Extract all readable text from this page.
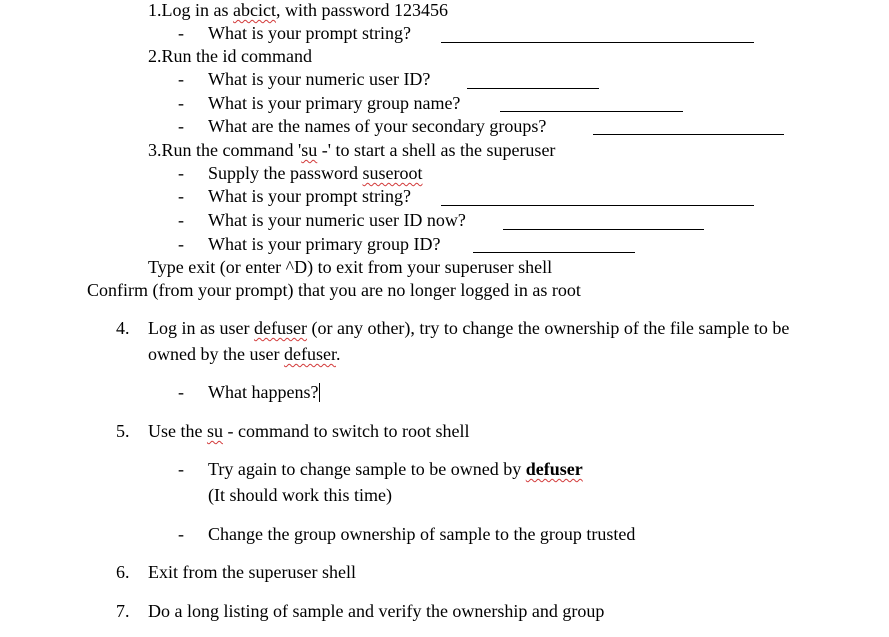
1.Log in as abcict, with password 123456
- What is your prompt string?
2.Run the id command
- What is your numeric user ID?
- What is your primary group name?
- What are the names of your secondary groups?
3.Run the command 'su -' to start a shell as the superuser
- Supply the password suseroot
- What is your prompt string?
- What is your numeric user ID now?
- What is your primary group ID?
Type exit (or enter ^D) to exit from your superuser shell
Confirm (from your prompt) that you are no longer logged in as root
4. Log in as user defuser (or any other), try to change the ownership of the file sample to be
owned by the user defuser.
- What happens?
5. Use the su - command to switch to root shell
- Try again to change sample to be owned by defuser
(It should work this time)
- Change the group ownership of sample to the group trusted
6. Exit from the superuser shell
7. Do a long listing of sample and verify the ownership and group
